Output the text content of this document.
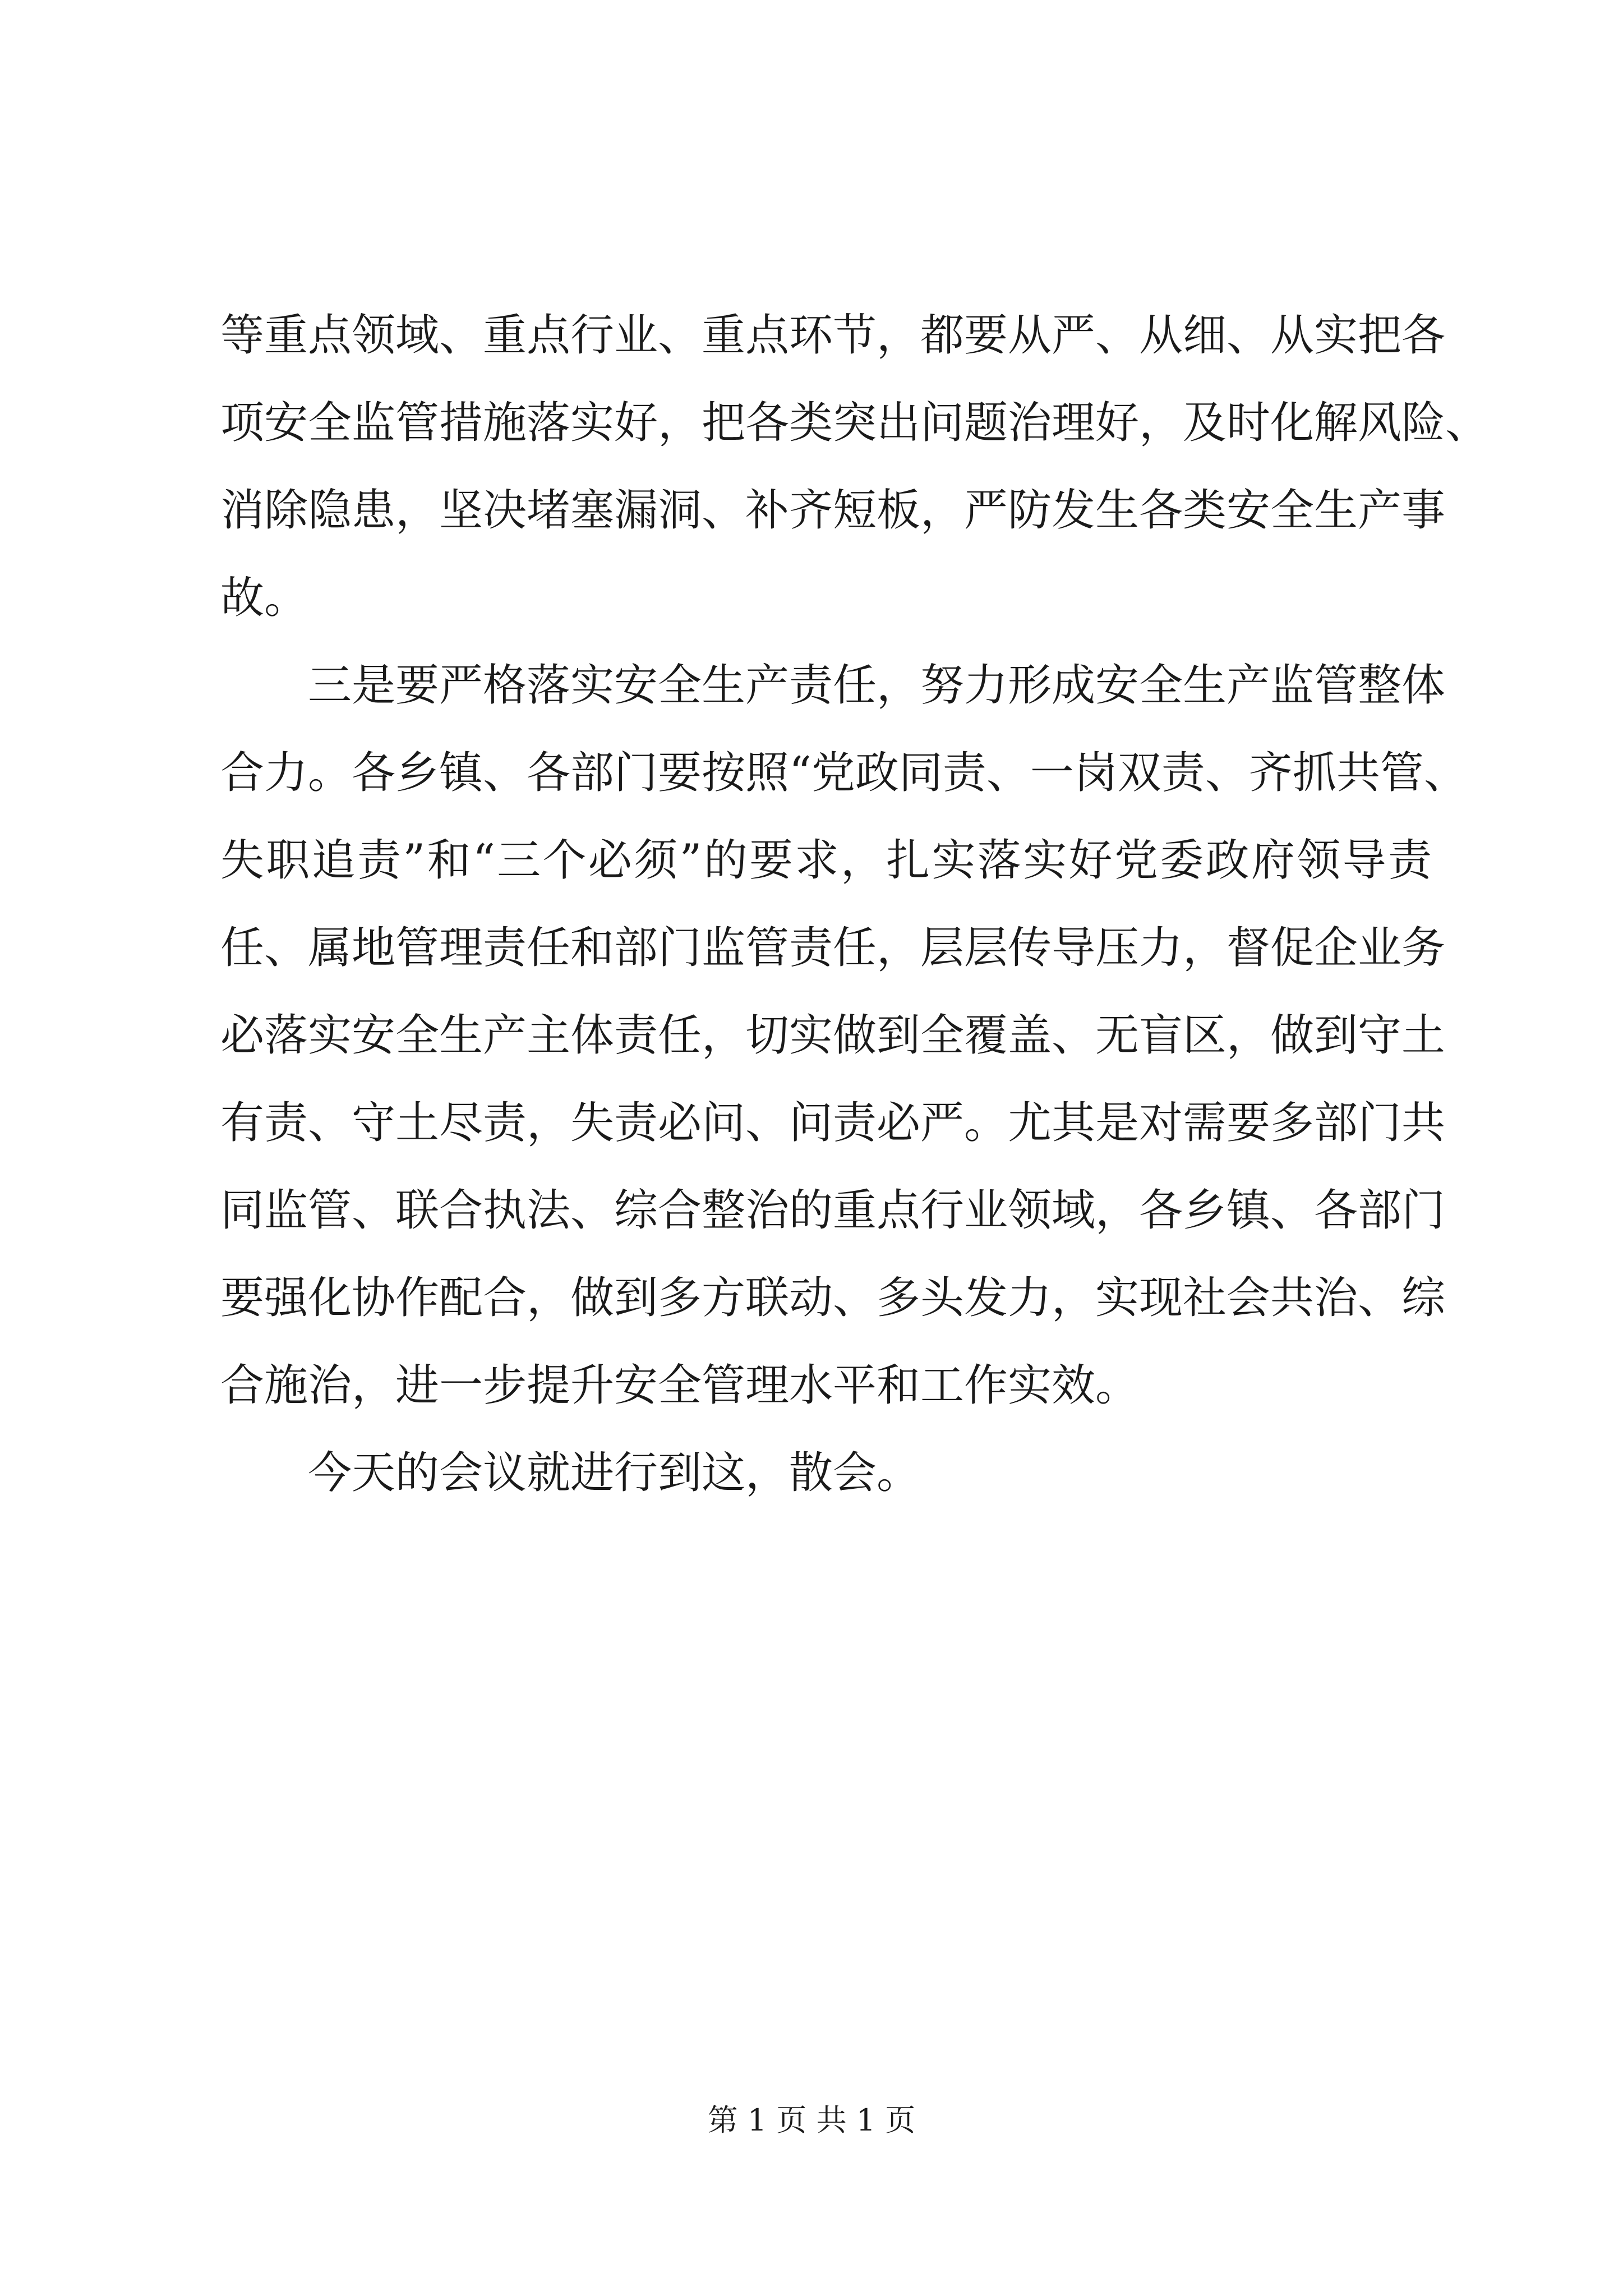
等重点领域、重点行业、重点环节，都要从严、从细、从实把各
项安全监管措施落实好，把各类突出问题治理好，及时化解风险、
消除隐患，坚决堵塞漏洞、补齐短板，严防发生各类安全生产事
故。
三是要严格落实安全生产责任，努力形成安全生产监管整体
合力。各乡镇、各部门要按照“党政同责、一岗双责、齐抓共管、
失职追责”和“三个必须”的要求，扎实落实好党委政府领导责
任、属地管理责任和部门监管责任，层层传导压力，督促企业务
必落实安全生产主体责任，切实做到全覆盖、无盲区，做到守土
有责、守土尽责，失责必问、问责必严。尤其是对需要多部门共
同监管、联合执法、综合整治的重点行业领域，各乡镇、各部门
要强化协作配合，做到多方联动、多头发力，实现社会共治、综
合施治，进一步提升安全管理水平和工作实效。
今天的会议就进行到这，散会。
第 1 页 共 1 页
